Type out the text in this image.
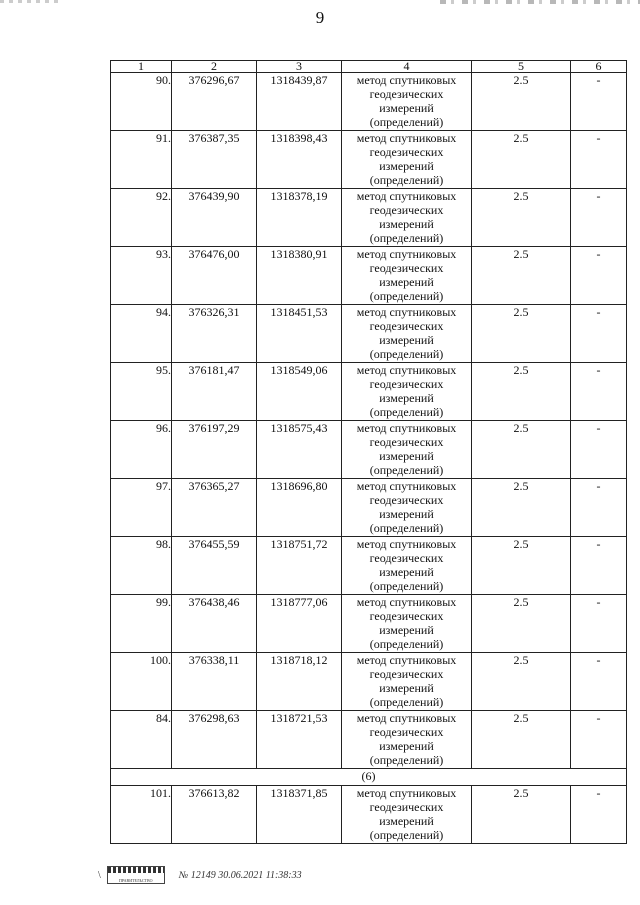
9
1	2	3	4	5	6
90.	376296,67	1318439,87	метод спутниковых геодезических измерений (определений)	2.5	-
91.	376387,35	1318398,43	метод спутниковых геодезических измерений (определений)	2.5	-
92.	376439,90	1318378,19	метод спутниковых геодезических измерений (определений)	2.5	-
93.	376476,00	1318380,91	метод спутниковых геодезических измерений (определений)	2.5	-
94.	376326,31	1318451,53	метод спутниковых геодезических измерений (определений)	2.5	-
95.	376181,47	1318549,06	метод спутниковых геодезических измерений (определений)	2.5	-
96.	376197,29	1318575,43	метод спутниковых геодезических измерений (определений)	2.5	-
97.	376365,27	1318696,80	метод спутниковых геодезических измерений (определений)	2.5	-
98.	376455,59	1318751,72	метод спутниковых геодезических измерений (определений)	2.5	-
99.	376438,46	1318777,06	метод спутниковых геодезических измерений (определений)	2.5	-
100.	376338,11	1318718,12	метод спутниковых геодезических измерений (определений)	2.5	-
84.	376298,63	1318721,53	метод спутниковых геодезических измерений (определений)	2.5	-
(6)					
101.	376613,82	1318371,85	метод спутниковых геодезических измерений (определений)	2.5	-
\	ПРАВИТЕЛЬСТВО	№ 12149 30.06.2021 11:38:33
